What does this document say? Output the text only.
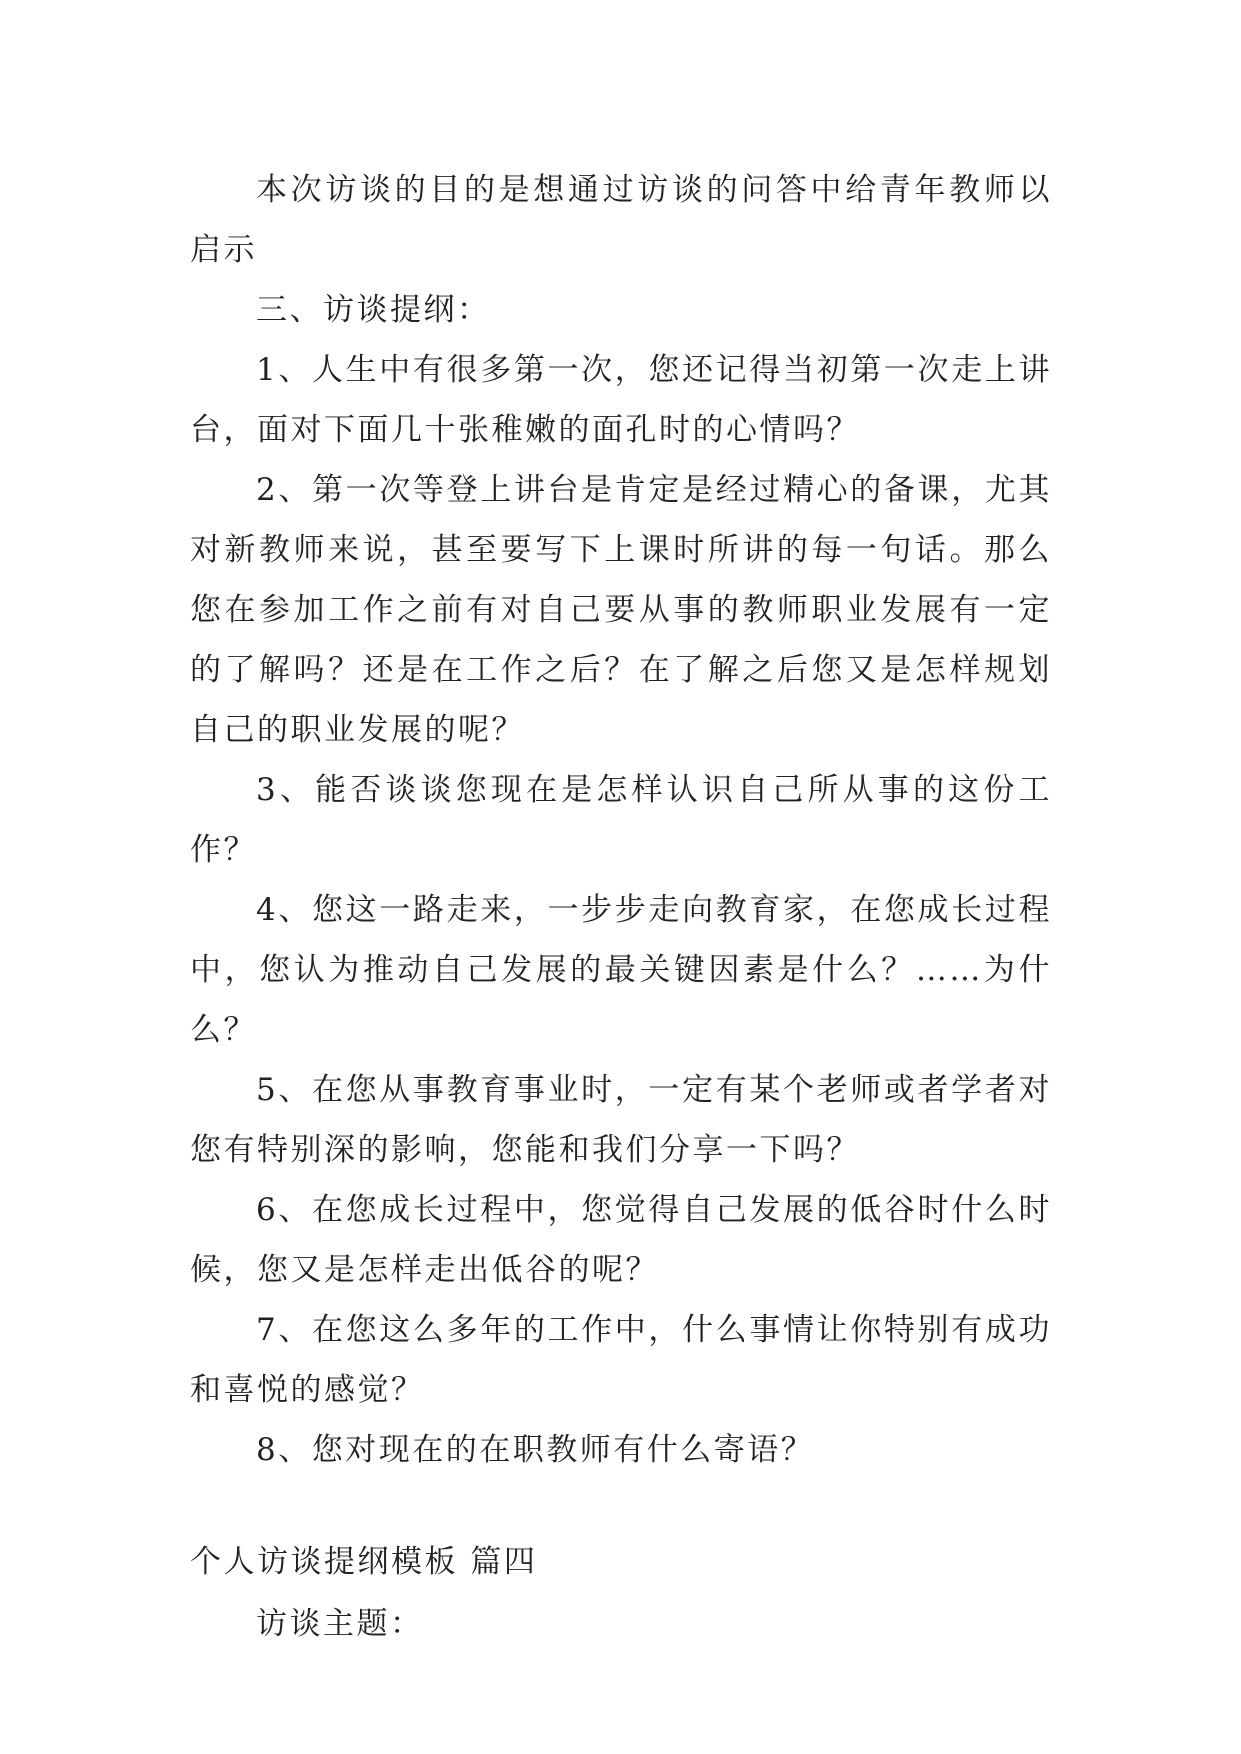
本次访谈的目的是想通过访谈的问答中给青年教师以启示

三、访谈提纲：

1、人生中有很多第一次，您还记得当初第一次走上讲台，面对下面几十张稚嫩的面孔时的心情吗？

2、第一次等登上讲台是肯定是经过精心的备课，尤其对新教师来说，甚至要写下上课时所讲的每一句话。那么您在参加工作之前有对自己要从事的教师职业发展有一定的了解吗？还是在工作之后？在了解之后您又是怎样规划自己的职业发展的呢？

3、能否谈谈您现在是怎样认识自己所从事的这份工作？

4、您这一路走来，一步步走向教育家，在您成长过程中，您认为推动自己发展的最关键因素是什么？……为什么？

5、在您从事教育事业时，一定有某个老师或者学者对您有特别深的影响，您能和我们分享一下吗？

6、在您成长过程中，您觉得自己发展的低谷时什么时候，您又是怎样走出低谷的呢？

7、在您这么多年的工作中，什么事情让你特别有成功和喜悦的感觉？

8、您对现在的在职教师有什么寄语？

个人访谈提纲模板 篇四

访谈主题：
